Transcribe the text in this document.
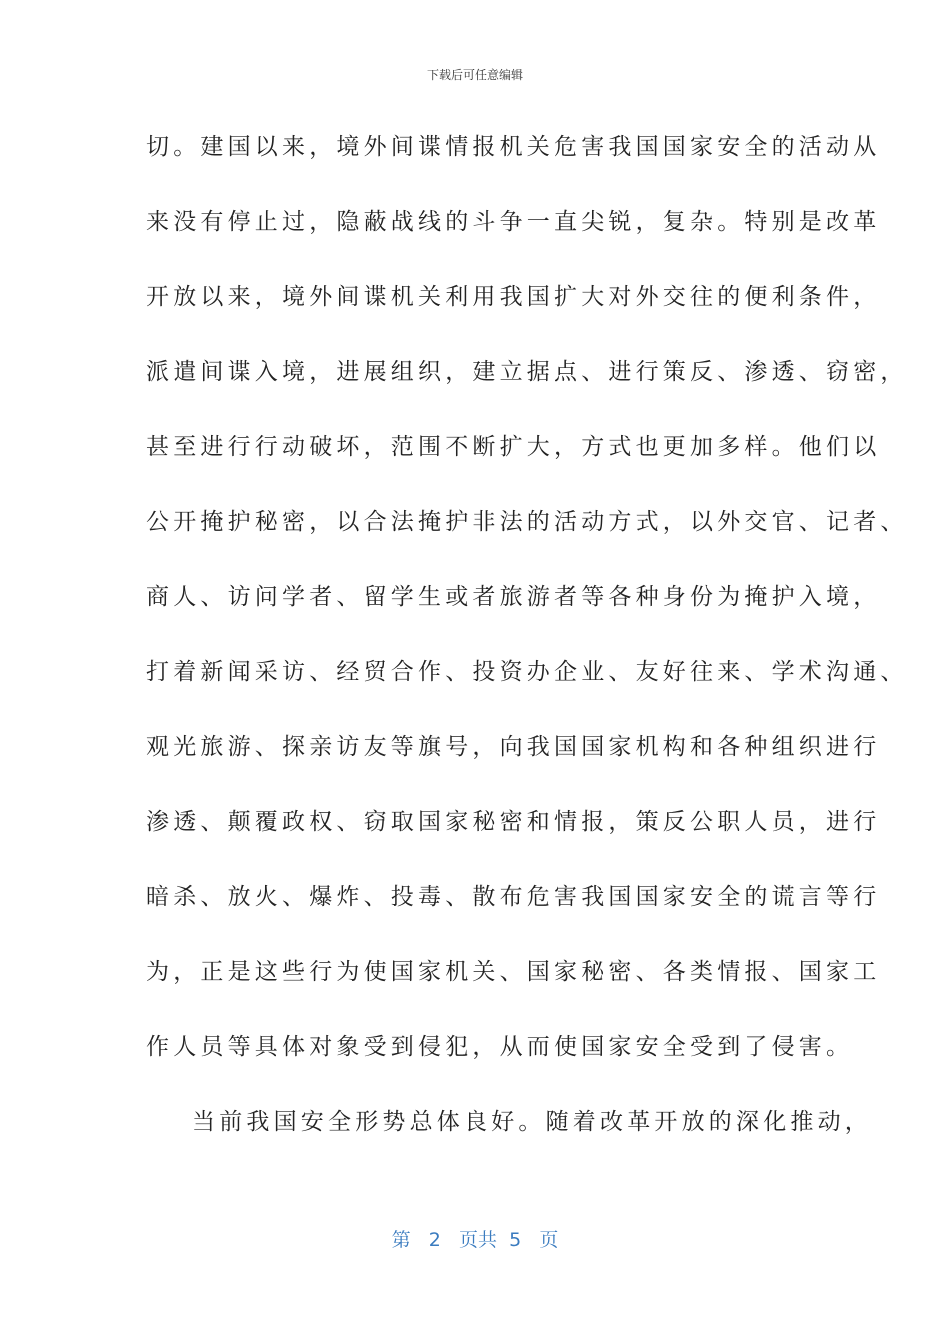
下载后可任意编辑
切。建国以来，境外间谍情报机关危害我国国家安全的活动从
来没有停止过，隐蔽战线的斗争一直尖锐，复杂。特别是改革
开放以来，境外间谍机关利用我国扩大对外交往的便利条件，
派遣间谍入境，进展组织，建立据点、进行策反、渗透、窃密，
甚至进行行动破坏，范围不断扩大，方式也更加多样。他们以
公开掩护秘密，以合法掩护非法的活动方式，以外交官、记者、
商人、访问学者、留学生或者旅游者等各种身份为掩护入境，
打着新闻采访、经贸合作、投资办企业、友好往来、学术沟通、
观光旅游、探亲访友等旗号，向我国国家机构和各种组织进行
渗透、颠覆政权、窃取国家秘密和情报，策反公职人员，进行
暗杀、放火、爆炸、投毒、散布危害我国国家安全的谎言等行
为，正是这些行为使国家机关、国家秘密、各类情报、国家工
作人员等具体对象受到侵犯，从而使国家安全受到了侵害。
当前我国安全形势总体良好。随着改革开放的深化推动，
第 2 页共 5 页
